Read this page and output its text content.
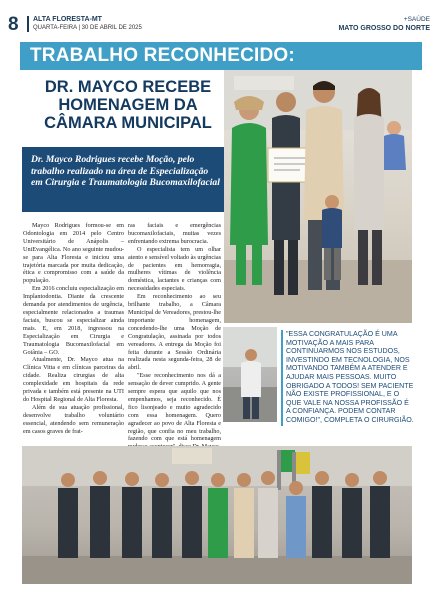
8 ALTA FLORESTA-MT
QUARTA-FEIRA | 30 DE ABRIL DE 2025
+SAÚDE
MATO GROSSO DO NORTE
TRABALHO RECONHECIDO:
DR. MAYCO RECEBE HOMENAGEM DA CÂMARA MUNICIPAL

Dr. Mayco Rodrigues recebe Moção, pelo trabalho realizado na área de Especialização em Cirurgia e Traumatologia Bucomaxilofacial

Mayco Rodrigues formou-se em Odontologia em 2014 pelo Centro Universitário de Anápolis – UniEvangélica. No ano seguinte mudou-se para Alta Floresta e iniciou uma trajetória marcada por muita dedicação, ética e compromisso com a saúde da população.

Em 2016 concluiu especialização em Implantodontia. Diante da crescente demanda por atendimentos de urgência, especialmente relacionados a traumas faciais, buscou se especializar ainda mais. E, em 2018, ingressou na Especialização em Cirurgia e Traumatologia Bucomaxilofacial em Goiânia – GO.

Atualmente, Dr. Mayco atua na Clínica Vitta e em clínicas parceiras da cidade. Realiza cirurgias de alta complexidade em hospitais da rede privada e também está presente na UTI do Hospital Regional de Alta Floresta.

Além de sua atuação profissional, desenvolve trabalho voluntário essencial, atendendo sem remuneração em casos graves de frat-

ras faciais e emergências bucomaxilofaciais, muitas vezes enfrentando extrema burocracia.

O especialista tem um olhar atento e sensível voltado às urgências de pacientes em hemorragia, mulheres vítimas de violência doméstica, lactantes e crianças com necessidades especiais.

Em reconhecimento ao seu brilhante trabalho, a Câmara Municipal de Vereadores, prestou-lhe importante homenagem, concedendo-lhe uma Moção de Congratulação, assinada por todos vereadores. A entrega da Moção foi feita durante a Sessão Ordinária realizada nesta segunda-feira, 28 de abril.

"Esse reconhecimento nos dá a sensação de dever cumprido. A gente sempre espera que aquilo que nos empenhamos, seja reconhecido. É fico lisonjeado e muito agradecido com essa homenagem. Quero agradecer ao povo de Alta Floresta e região, que confia no meu trabalho, fazendo com que está homenagem

"ESSA CONGRATULAÇÃO É UMA MOTIVAÇÃO A MAIS PARA CONTINUARMOS NOS ESTUDOS, INVESTINDO EM TECNOLOGIA, NOS MOTIVANDO TAMBÉM A ATENDER E AJUDAR MAIS PESSOAS. MUITO OBRIGADO A TODOS! SEM PACIENTE NÃO EXISTE PROFISSIONAL, E O QUE VALE NA NOSSA PROFISSÃO É A CONFIANÇA. PODEM CONTAR COMIGO!", COMPLETA O CIRURGIÃO.
